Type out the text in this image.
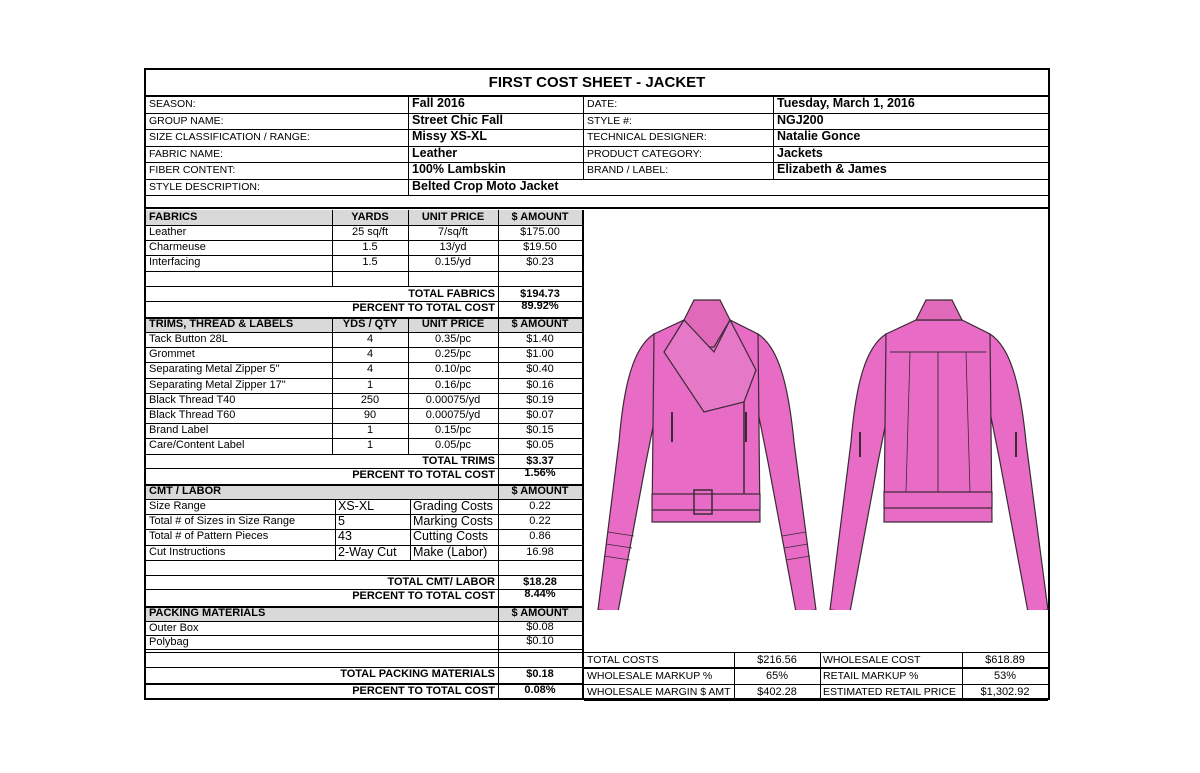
FIRST COST SHEET - JACKET
SEASON:	Fall 2016	DATE:	Tuesday, March 1, 2016
GROUP NAME:	Street Chic Fall	STYLE #:	NGJ200
SIZE CLASSIFICATION / RANGE:	Missy XS-XL	TECHNICAL DESIGNER:	Natalie Gonce
FABRIC NAME:	Leather	PRODUCT CATEGORY:	Jackets
FIBER CONTENT:	100% Lambskin	BRAND / LABEL:	Elizabeth & James
STYLE DESCRIPTION:	Belted Crop Moto Jacket
FABRICS	YARDS	UNIT PRICE	$ AMOUNT
Leather	25 sq/ft	7/sq/ft	$175.00
Charmeuse	1.5	13/yd	$19.50
Interfacing	1.5	0.15/yd	$0.23
TOTAL FABRICS	$194.73
PERCENT TO TOTAL COST	89.92%
TRIMS, THREAD & LABELS	YDS / QTY	UNIT PRICE	$ AMOUNT
Tack Button 28L	4	0.35/pc	$1.40
Grommet	4	0.25/pc	$1.00
Separating Metal Zipper 5"	4	0.10/pc	$0.40
Separating Metal Zipper 17"	1	0.16/pc	$0.16
Black Thread T40	250	0.00075/yd	$0.19
Black Thread T60	90	0.00075/yd	$0.07
Brand Label	1	0.15/pc	$0.15
Care/Content Label	1	0.05/pc	$0.05
TOTAL TRIMS	$3.37
PERCENT TO TOTAL COST	1.56%
CMT / LABOR	$ AMOUNT
Size Range	XS-XL	Grading Costs	0.22
Total # of Sizes in Size Range	5	Marking Costs	0.22
Total # of Pattern Pieces	43	Cutting Costs	0.86
Cut Instructions	2-Way Cut	Make (Labor)	16.98
TOTAL CMT/ LABOR	$18.28
PERCENT TO TOTAL COST	8.44%
PACKING MATERIALS	$ AMOUNT
Outer Box	$0.08
Polybag	$0.10
TOTAL PACKING MATERIALS	$0.18
PERCENT TO TOTAL COST	0.08%
TOTAL COSTS	$216.56	WHOLESALE COST	$618.89
WHOLESALE MARKUP %	65%	RETAIL MARKUP %	53%
WHOLESALE MARGIN $ AMT	$402.28	ESTIMATED RETAIL PRICE	$1,302.92
